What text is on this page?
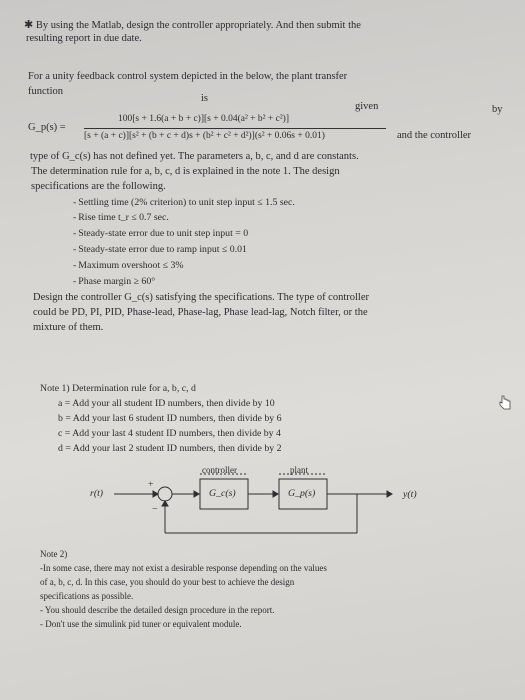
✱ By using the Matlab, design the controller appropriately. And then submit the
resulting report in due date.
For a unity feedback control system depicted in the below, the plant transfer
function
is
given	by
G_p(s) =
100[s + 1.6(a + b + c)][s + 0.04(a² + b² + c²)]
[s + (a + c)][s² + (b + c + d)s + (b² + c² + d²)](s² + 0.06s + 0.01)	and the controller
type of G_c(s) has not defined yet. The parameters a, b, c, and d are constants.
The determination rule for a, b, c, d is explained in the note 1. The design
specifications are the following.
- Settling time (2% criterion) to unit step input ≤ 1.5 sec.
- Rise time t_r ≤ 0.7 sec.
- Steady-state error due to unit step input = 0
- Steady-state error due to ramp input ≤ 0.01
- Maximum overshoot ≤ 3%
- Phase margin ≥ 60°
Design the controller G_c(s) satisfying the specifications. The type of controller
could be PD, PI, PID, Phase-lead, Phase-lag, Phase lead-lag, Notch filter, or the
mixture of them.
Note 1) Determination rule for a, b, c, d
a = Add your all student ID numbers, then divide by 10
b = Add your last 6 student ID numbers, then divide by 6
c = Add your last 4 student ID numbers, then divide by 4
d = Add your last 2 student ID numbers, then divide by 2
controller	plant
r(t)
+
−
G_c(s)	G_p(s)	y(t)
Note 2)
-In some case, there may not exist a desirable response depending on the values
of a, b, c, d. In this case, you should do your best to achieve the design
specifications as possible.
- You should describe the detailed design procedure in the report.
- Don't use the simulink pid tuner or equivalent module.
